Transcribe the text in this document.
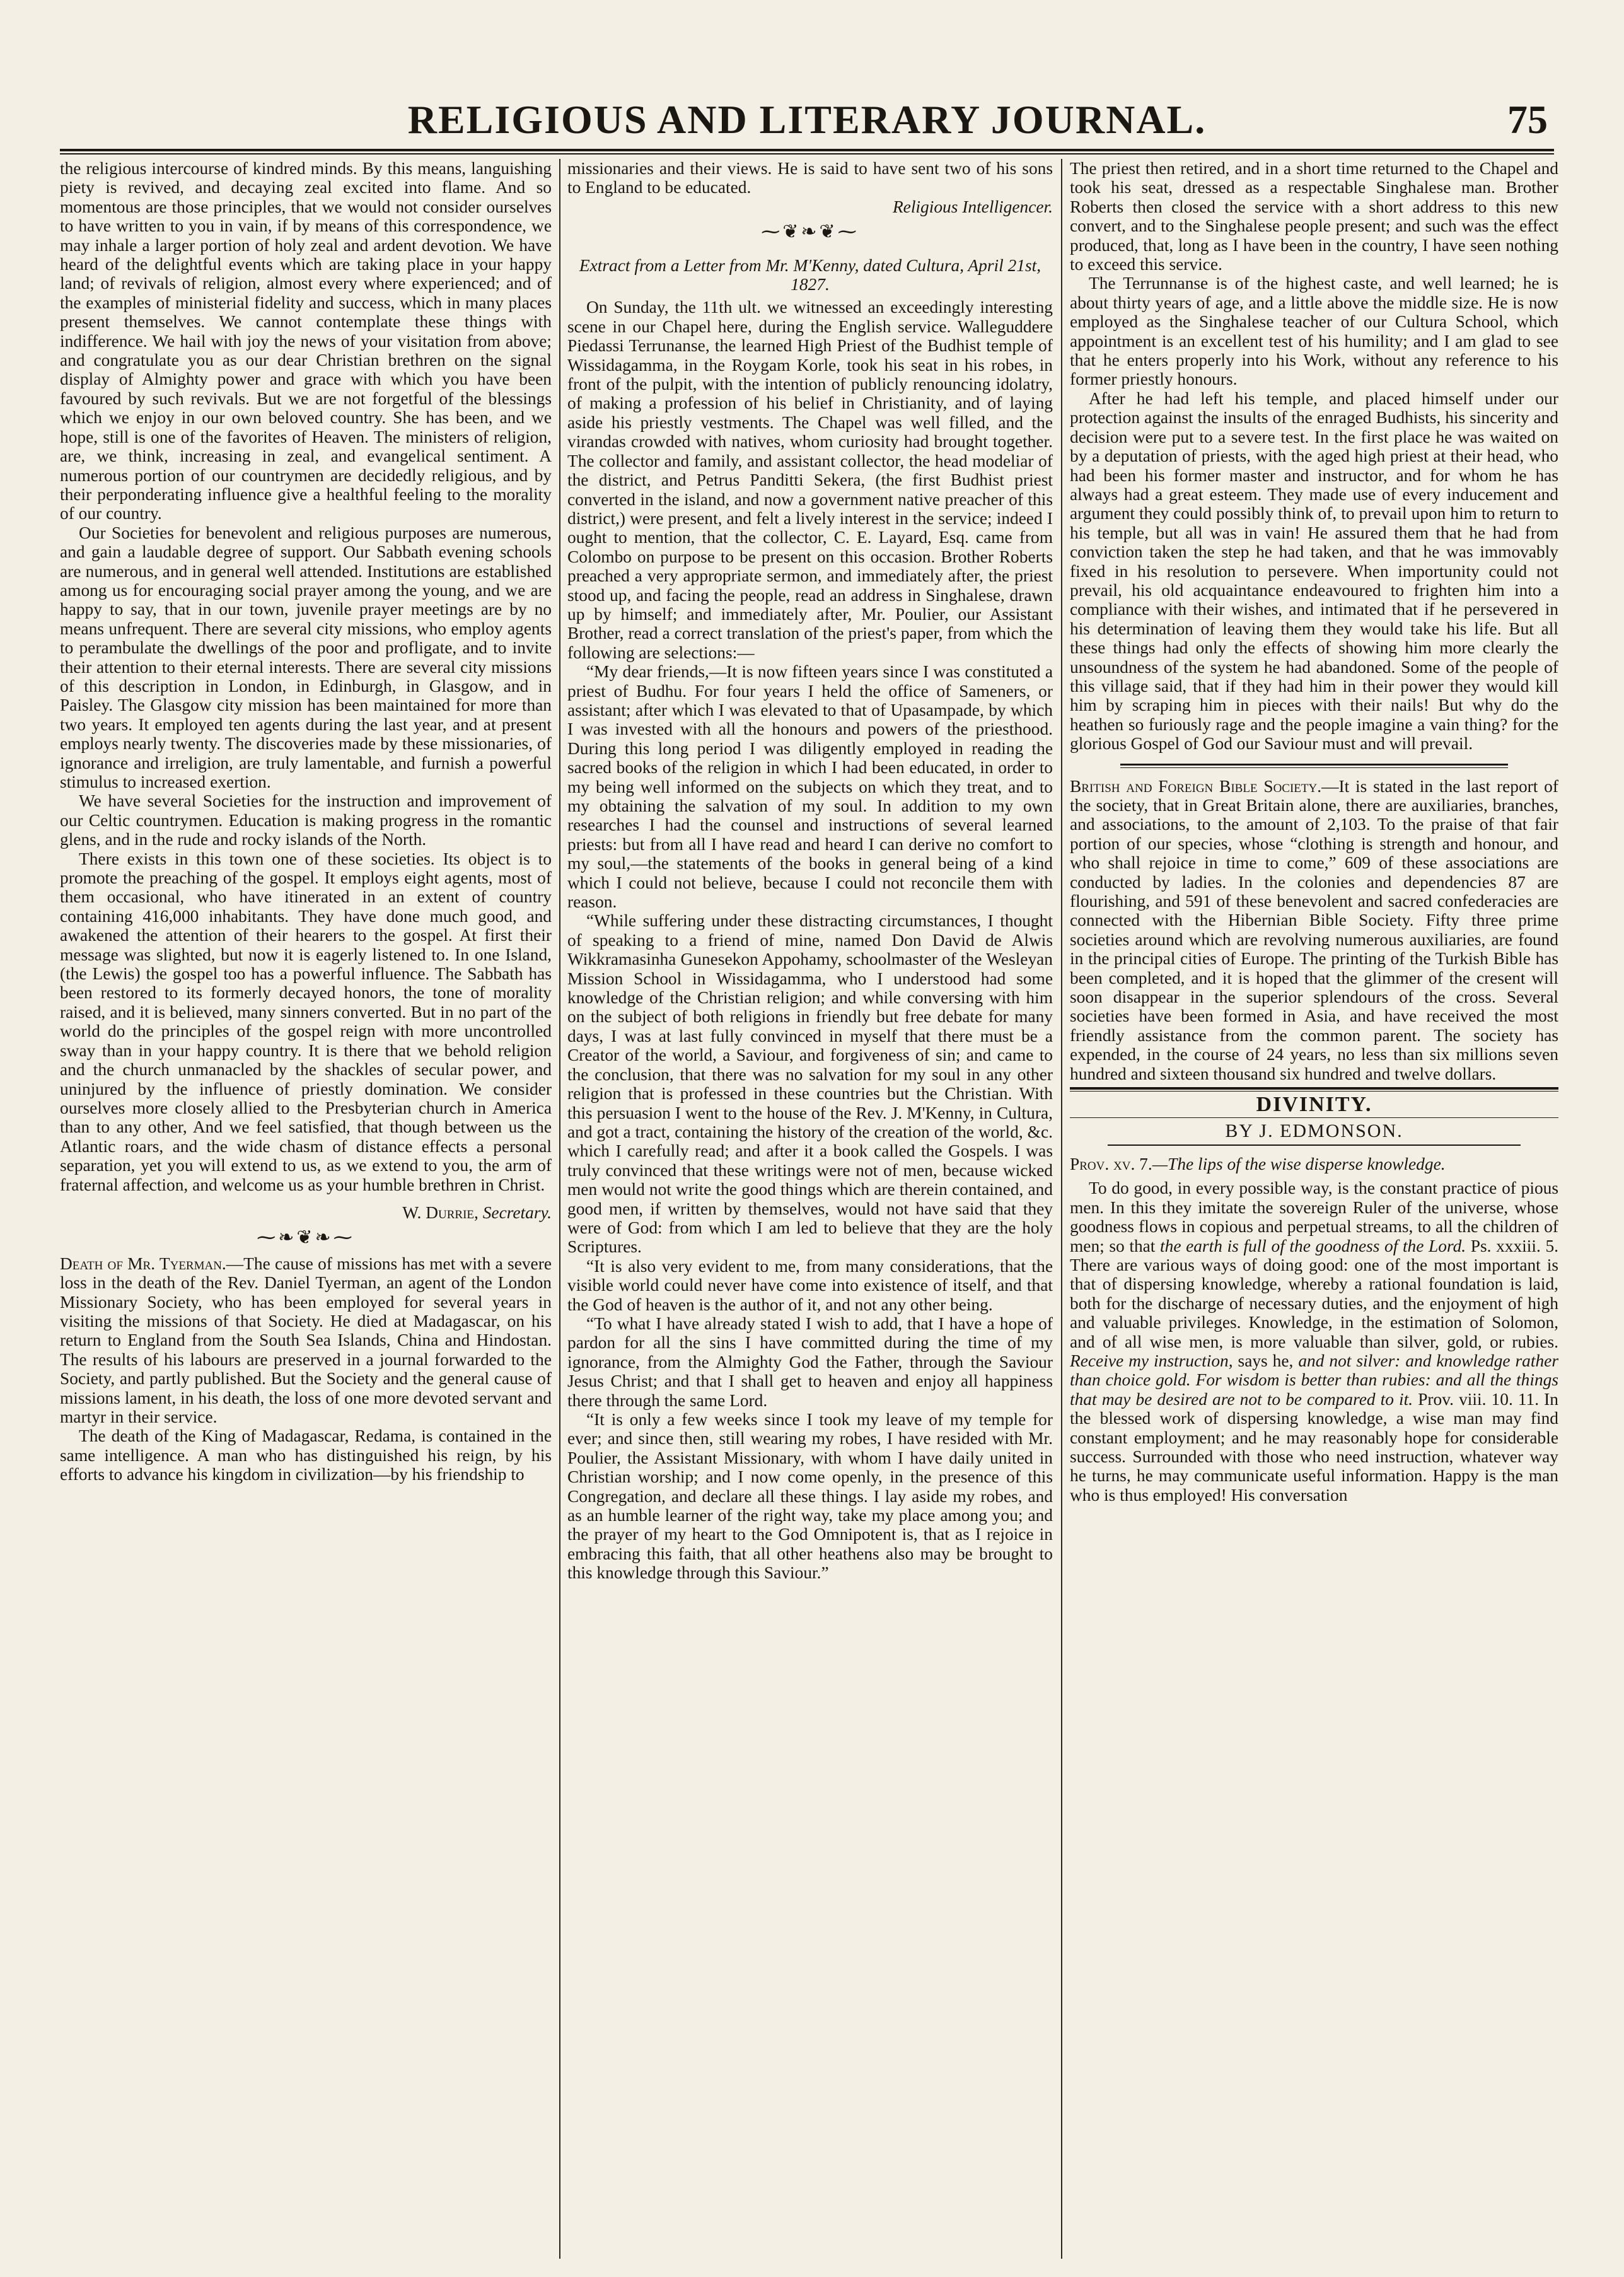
RELIGIOUS AND LITERARY JOURNAL.	75

the religious intercourse of kindred minds. By this means, languishing piety is revived, and decaying zeal excited into flame. And so momentous are those principles, that we would not consider ourselves to have written to you in vain, if by means of this correspondence, we may inhale a larger portion of holy zeal and ardent devotion. We have heard of the delightful events which are taking place in your happy land; of revivals of religion, almost every where experienced; and of the examples of ministerial fidelity and success, which in many places present themselves. We cannot contemplate these things with indifference. We hail with joy the news of your visitation from above; and congratulate you as our dear Christian brethren on the signal display of Almighty power and grace with which you have been favoured by such revivals. But we are not forgetful of the blessings which we enjoy in our own beloved country. She has been, and we hope, still is one of the favorites of Heaven. The ministers of religion, are, we think, increasing in zeal, and evangelical sentiment. A numerous portion of our countrymen are decidedly religious, and by their perponderating influence give a healthful feeling to the morality of our country.

Our Societies for benevolent and religious purposes are numerous, and gain a laudable degree of support. Our Sabbath evening schools are numerous, and in general well attended. Institutions are established among us for encouraging social prayer among the young, and we are happy to say, that in our town, juvenile prayer meetings are by no means unfrequent. There are several city missions, who employ agents to perambulate the dwellings of the poor and profligate, and to invite their attention to their eternal interests. There are several city missions of this description in London, in Edinburgh, in Glasgow, and in Paisley. The Glasgow city mission has been maintained for more than two years. It employed ten agents during the last year, and at present employs nearly twenty. The discoveries made by these missionaries, of ignorance and irreligion, are truly lamentable, and furnish a powerful stimulus to increased exertion.

We have several Societies for the instruction and improvement of our Celtic countrymen. Education is making progress in the romantic glens, and in the rude and rocky islands of the North.

There exists in this town one of these societies. Its object is to promote the preaching of the gospel. It employs eight agents, most of them occasional, who have itinerated in an extent of country containing 416,000 inhabitants. They have done much good, and awakened the attention of their hearers to the gospel. At first their message was slighted, but now it is eagerly listened to. In one Island, (the Lewis) the gospel too has a powerful influence. The Sabbath has been restored to its formerly decayed honors, the tone of morality raised, and it is believed, many sinners converted. But in no part of the world do the principles of the gospel reign with more uncontrolled sway than in your happy country. It is there that we behold religion and the church unmanacled by the shackles of secular power, and uninjured by the influence of priestly domination. We consider ourselves more closely allied to the Presbyterian church in America than to any other, And we feel satisfied, that though between us the Atlantic roars, and the wide chasm of distance effects a personal separation, yet you will extend to us, as we extend to you, the arm of fraternal affection, and welcome us as your humble brethren in Christ.

W. Durrie, Secretary.

⁓❧❦❧⁓

Death of Mr. Tyerman.—The cause of missions has met with a severe loss in the death of the Rev. Daniel Tyerman, an agent of the London Missionary Society, who has been employed for several years in visiting the missions of that Society. He died at Madagascar, on his return to England from the South Sea Islands, China and Hindostan. The results of his labours are preserved in a journal forwarded to the Society, and partly published. But the Society and the general cause of missions lament, in his death, the loss of one more devoted servant and martyr in their service.

The death of the King of Madagascar, Redama, is contained in the same intelligence. A man who has distinguished his reign, by his efforts to advance his kingdom in civilization—by his friendship to

missionaries and their views. He is said to have sent two of his sons to England to be educated.

Religious Intelligencer.

⁓❦❧❦⁓

Extract from a Letter from Mr. M'Kenny, dated Cultura, April 21st, 1827.

On Sunday, the 11th ult. we witnessed an exceedingly interesting scene in our Chapel here, during the English service. Walleguddere Piedassi Terrunanse, the learned High Priest of the Budhist temple of Wissidagamma, in the Roygam Korle, took his seat in his robes, in front of the pulpit, with the intention of publicly renouncing idolatry, of making a profession of his belief in Christianity, and of laying aside his priestly vestments. The Chapel was well filled, and the virandas crowded with natives, whom curiosity had brought together. The collector and family, and assistant collector, the head modeliar of the district, and Petrus Panditti Sekera, (the first Budhist priest converted in the island, and now a government native preacher of this district,) were present, and felt a lively interest in the service; indeed I ought to mention, that the collector, C. E. Layard, Esq. came from Colombo on purpose to be present on this occasion. Brother Roberts preached a very appropriate sermon, and immediately after, the priest stood up, and facing the people, read an address in Singhalese, drawn up by himself; and immediately after, Mr. Poulier, our Assistant Brother, read a correct translation of the priest's paper, from which the following are selections:—

“My dear friends,—It is now fifteen years since I was constituted a priest of Budhu. For four years I held the office of Sameners, or assistant; after which I was elevated to that of Upasampade, by which I was invested with all the honours and powers of the priesthood. During this long period I was diligently employed in reading the sacred books of the religion in which I had been educated, in order to my being well informed on the subjects on which they treat, and to my obtaining the salvation of my soul. In addition to my own researches I had the counsel and instructions of several learned priests: but from all I have read and heard I can derive no comfort to my soul,—the statements of the books in general being of a kind which I could not believe, because I could not reconcile them with reason.

“While suffering under these distracting circumstances, I thought of speaking to a friend of mine, named Don David de Alwis Wikkramasinha Gunesekon Appohamy, schoolmaster of the Wesleyan Mission School in Wissidagamma, who I understood had some knowledge of the Christian religion; and while conversing with him on the subject of both religions in friendly but free debate for many days, I was at last fully convinced in myself that there must be a Creator of the world, a Saviour, and forgiveness of sin; and came to the conclusion, that there was no salvation for my soul in any other religion that is professed in these countries but the Christian. With this persuasion I went to the house of the Rev. J. M'Kenny, in Cultura, and got a tract, containing the history of the creation of the world, &c. which I carefully read; and after it a book called the Gospels. I was truly convinced that these writings were not of men, because wicked men would not write the good things which are therein contained, and good men, if written by themselves, would not have said that they were of God: from which I am led to believe that they are the holy Scriptures.

“It is also very evident to me, from many considerations, that the visible world could never have come into existence of itself, and that the God of heaven is the author of it, and not any other being.

“To what I have already stated I wish to add, that I have a hope of pardon for all the sins I have committed during the time of my ignorance, from the Almighty God the Father, through the Saviour Jesus Christ; and that I shall get to heaven and enjoy all happiness there through the same Lord.

“It is only a few weeks since I took my leave of my temple for ever; and since then, still wearing my robes, I have resided with Mr. Poulier, the Assistant Missionary, with whom I have daily united in Christian worship; and I now come openly, in the presence of this Congregation, and declare all these things. I lay aside my robes, and as an humble learner of the right way, take my place among you; and the prayer of my heart to the God Omnipotent is, that as I rejoice in embracing this faith, that all other heathens also may be brought to this knowledge through this Saviour.”

The priest then retired, and in a short time returned to the Chapel and took his seat, dressed as a respectable Singhalese man. Brother Roberts then closed the service with a short address to this new convert, and to the Singhalese people present; and such was the effect produced, that, long as I have been in the country, I have seen nothing to exceed this service.

The Terrunnanse is of the highest caste, and well learned; he is about thirty years of age, and a little above the middle size. He is now employed as the Singhalese teacher of our Cultura School, which appointment is an excellent test of his humility; and I am glad to see that he enters properly into his Work, without any reference to his former priestly honours.

After he had left his temple, and placed himself under our protection against the insults of the enraged Budhists, his sincerity and decision were put to a severe test. In the first place he was waited on by a deputation of priests, with the aged high priest at their head, who had been his former master and instructor, and for whom he has always had a great esteem. They made use of every inducement and argument they could possibly think of, to prevail upon him to return to his temple, but all was in vain! He assured them that he had from conviction taken the step he had taken, and that he was immovably fixed in his resolution to persevere. When importunity could not prevail, his old acquaintance endeavoured to frighten him into a compliance with their wishes, and intimated that if he persevered in his determination of leaving them they would take his life. But all these things had only the effects of showing him more clearly the unsoundness of the system he had abandoned. Some of the people of this village said, that if they had him in their power they would kill him by scraping him in pieces with their nails! But why do the heathen so furiously rage and the people imagine a vain thing? for the glorious Gospel of God our Saviour must and will prevail.

British and Foreign Bible Society.—It is stated in the last report of the society, that in Great Britain alone, there are auxiliaries, branches, and associations, to the amount of 2,103. To the praise of that fair portion of our species, whose “clothing is strength and honour, and who shall rejoice in time to come,” 609 of these associations are conducted by ladies. In the colonies and dependencies 87 are flourishing, and 591 of these benevolent and sacred confederacies are connected with the Hibernian Bible Society. Fifty three prime societies around which are revolving numerous auxiliaries, are found in the principal cities of Europe. The printing of the Turkish Bible has been completed, and it is hoped that the glimmer of the cresent will soon disappear in the superior splendours of the cross. Several societies have been formed in Asia, and have received the most friendly assistance from the common parent. The society has expended, in the course of 24 years, no less than six millions seven hundred and sixteen thousand six hundred and twelve dollars.

DIVINITY.
BY J. EDMONSON.

Prov. xv. 7.—The lips of the wise disperse knowledge.

To do good, in every possible way, is the constant practice of pious men. In this they imitate the sovereign Ruler of the universe, whose goodness flows in copious and perpetual streams, to all the children of men; so that the earth is full of the goodness of the Lord. Ps. xxxiii. 5. There are various ways of doing good: one of the most important is that of dispersing knowledge, whereby a rational foundation is laid, both for the discharge of necessary duties, and the enjoyment of high and valuable privileges. Knowledge, in the estimation of Solomon, and of all wise men, is more valuable than silver, gold, or rubies. Receive my instruction, says he, and not silver: and knowledge rather than choice gold. For wisdom is better than rubies: and all the things that may be desired are not to be compared to it. Prov. viii. 10. 11. In the blessed work of dispersing knowledge, a wise man may find constant employment; and he may reasonably hope for considerable success. Surrounded with those who need instruction, whatever way he turns, he may communicate useful information. Happy is the man who is thus employed! His conversation
